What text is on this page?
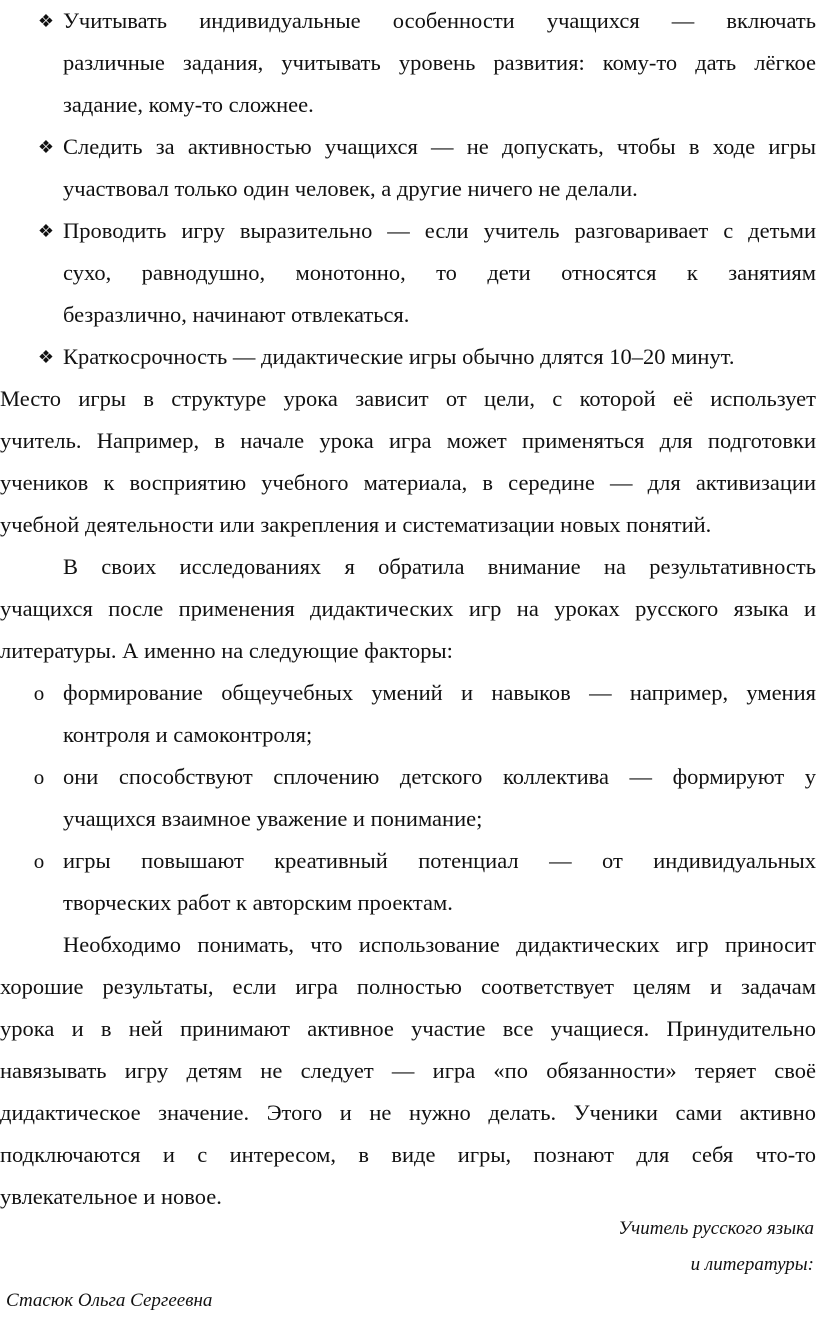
❖ Учитывать индивидуальные особенности учащихся — включать
различные задания, учитывать уровень развития: кому-то дать лёгкое
задание, кому-то сложнее.
❖ Следить за активностью учащихся — не допускать, чтобы в ходе игры
участвовал только один человек, а другие ничего не делали.
❖ Проводить игру выразительно — если учитель разговаривает с детьми
сухо, равнодушно, монотонно, то дети относятся к занятиям
безразлично, начинают отвлекаться.
❖ Краткосрочность — дидактические игры обычно длятся 10–20 минут.
Место игры в структуре урока зависит от цели, с которой её использует
учитель. Например, в начале урока игра может применяться для подготовки
учеников к восприятию учебного материала, в середине — для активизации
учебной деятельности или закрепления и систематизации новых понятий.
В своих исследованиях я обратила внимание на результативность
учащихся после применения дидактических игр на уроках русского языка и
литературы. А именно на следующие факторы:
o формирование общеучебных умений и навыков — например, умения
контроля и самоконтроля;
o они способствуют сплочению детского коллектива — формируют у
учащихся взаимное уважение и понимание;
o игры повышают креативный потенциал — от индивидуальных
творческих работ к авторским проектам.
Необходимо понимать, что использование дидактических игр приносит
хорошие результаты, если игра полностью соответствует целям и задачам
урока и в ней принимают активное участие все учащиеся. Принудительно
навязывать игру детям не следует — игра «по обязанности» теряет своё
дидактическое значение. Этого и не нужно делать. Ученики сами активно
подключаются и с интересом, в виде игры, познают для себя что-то
увлекательное и новое.
Учитель русского языка
и литературы:
Стасюк Ольга Сергеевна
